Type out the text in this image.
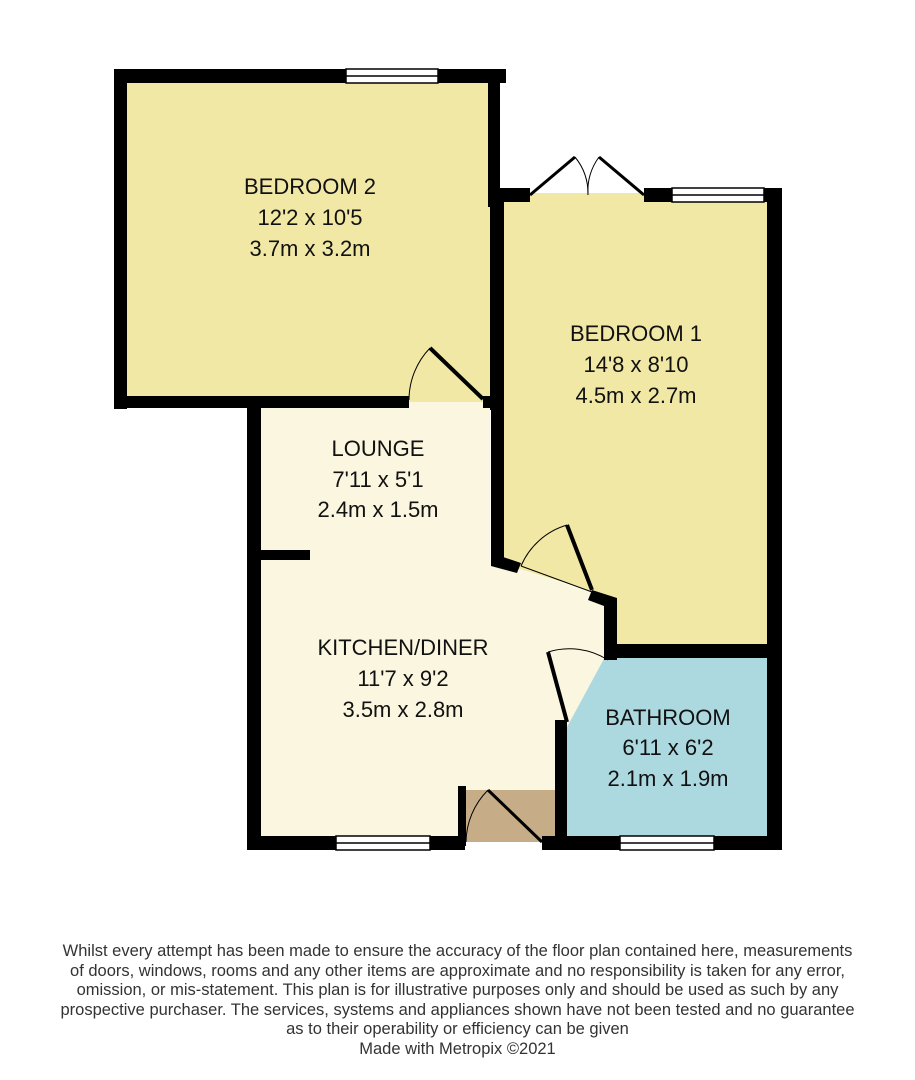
BEDROOM 2
12'2 x 10'5
3.7m x 3.2m
BEDROOM 1
14'8 x 8'10
4.5m x 2.7m
LOUNGE
7'11 x 5'1
2.4m x 1.5m
KITCHEN/DINER
11'7 x 9'2
3.5m x 2.8m	BATHROOM
6'11 x 6'2
2.1m x 1.9m
Whilst every attempt has been made to ensure the accuracy of the floor plan contained here, measurements
of doors, windows, rooms and any other items are approximate and no responsibility is taken for any error,
omission, or mis-statement. This plan is for illustrative purposes only and should be used as such by any
prospective purchaser. The services, systems and appliances shown have not been tested and no guarantee
as to their operability or efficiency can be given
Made with Metropix ©2021
